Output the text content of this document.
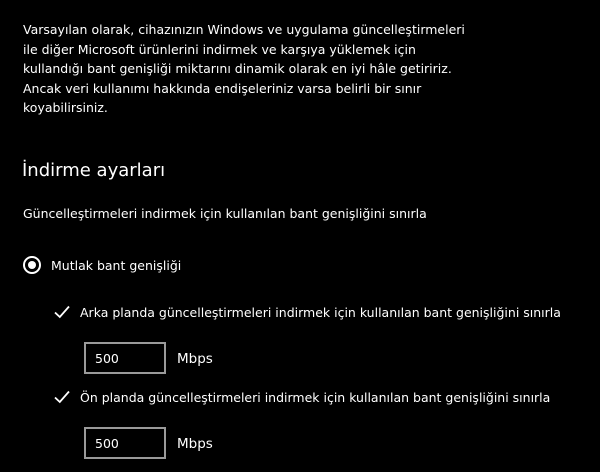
Varsayılan olarak, cihazınızın Windows ve uygulama güncelleştirmeleri
ile diğer Microsoft ürünlerini indirmek ve karşıya yüklemek için
kullandığı bant genişliği miktarını dinamik olarak en iyi hâle getiririz.
Ancak veri kullanımı hakkında endişeleriniz varsa belirli bir sınır
koyabilirsiniz.
İndirme ayarları
Güncelleştirmeleri indirmek için kullanılan bant genişliğini sınırla
Mutlak bant genişliği
Arka planda güncelleştirmeleri indirmek için kullanılan bant genişliğini sınırla
500
Mbps
Ön planda güncelleştirmeleri indirmek için kullanılan bant genişliğini sınırla
500
Mbps
